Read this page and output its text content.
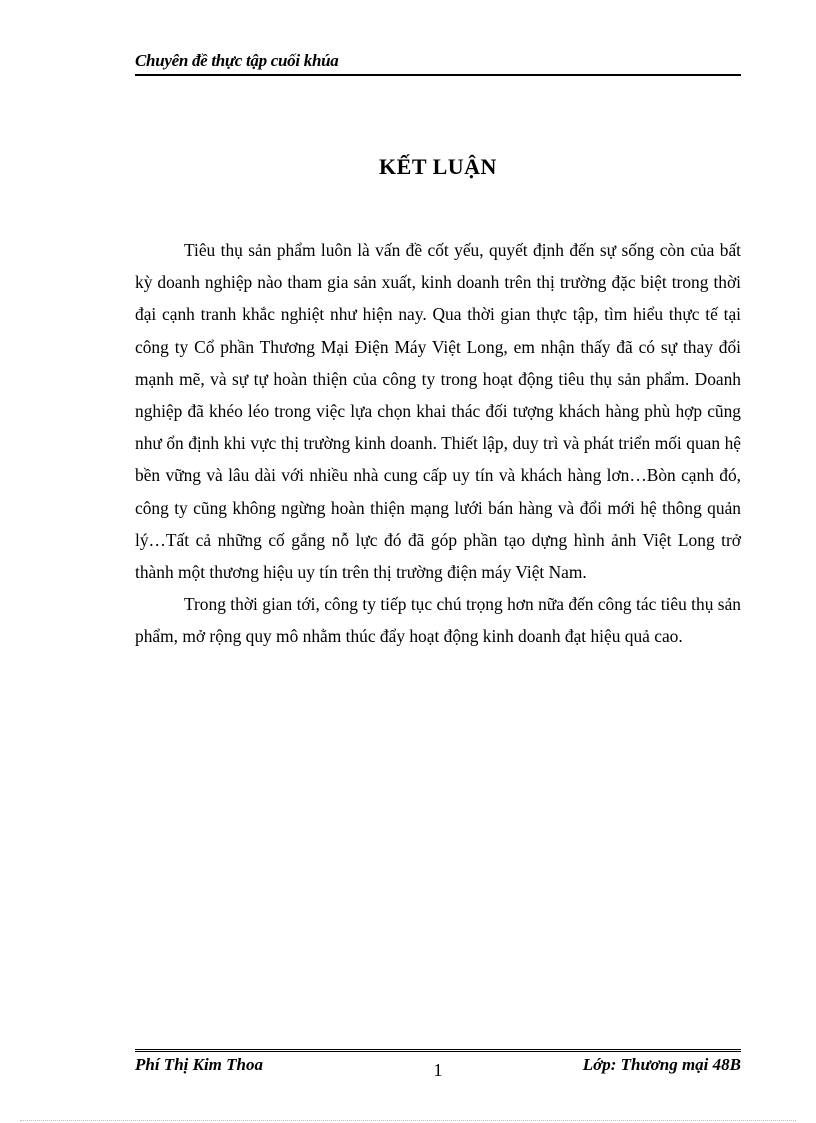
Chuyên đề thực tập cuối khúa
KẾT LUẬN

Tiêu thụ sản phẩm luôn là vấn đề cốt yếu, quyết định đến sự sống còn của bất kỳ doanh nghiệp nào tham gia sản xuất, kinh doanh trên thị trường đặc biệt trong thời đại cạnh tranh khắc nghiệt như hiện nay. Qua thời gian thực tập, tìm hiểu thực tế tại công ty Cổ phần Thương Mại Điện Máy Việt Long, em nhận thấy đã có sự thay đổi mạnh mẽ, và sự tự hoàn thiện của công ty trong hoạt động tiêu thụ sản phẩm. Doanh nghiệp đã khéo léo trong việc lựa chọn khai thác đối tượng khách hàng phù hợp cũng như ổn định khi vực thị trường kinh doanh. Thiết lập, duy trì và phát triển mối quan hệ bền vững và lâu dài với nhiều nhà cung cấp uy tín và khách hàng lơn…Bòn cạnh đó, công ty cũng không ngừng hoàn thiện mạng lưới bán hàng và đổi mới hệ thông quản lý…Tất cả những cố gắng nỗ lực đó đã góp phần tạo dựng hình ảnh Việt Long trở thành một thương hiệu uy tín trên thị trường điện máy Việt Nam.

Trong thời gian tới, công ty tiếp tục chú trọng hơn nữa đến công tác tiêu thụ sản phẩm, mở rộng quy mô nhằm thúc đẩy hoạt động kinh doanh đạt hiệu quả cao.

Phí Thị Kim Thoa	1	Lớp: Thương mại 48B
